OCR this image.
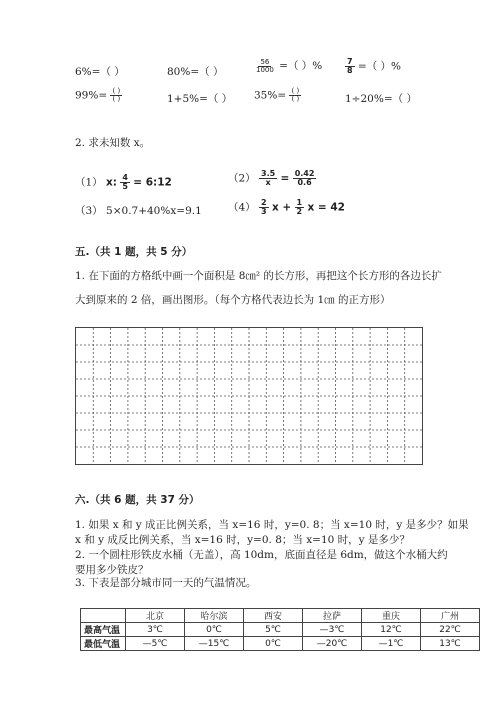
6%=（ ）	80%=（ ）	$\frac{56}{1000}$ =（ ）%	$\frac{7}{8}$ =（ ）%
$99\%= \frac{( )}{( )}$	1+5%=（ ） $35\%= \frac{( )}{( )}$	1÷20%=（ ）
2. 求未知数 x。
（1） x: $\frac{4}{5}$ = 6:12	$(2) \frac{3.5}{x} = \frac{0.42}{0.6}$
（3） 5×0.7+40%x=9.1 $(4) \frac{2}{3}$ $x + \frac{1}{2}$ x = 42
五.（共 1 题，共 5 分）
1. 在下面的方格纸中画一个面积是 8㎝² 的长方形，再把这个长方形的各边长扩
大到原来的 2 倍，画出图形。（每个方格代表边长为 1㎝ 的正方形）
六.（共 6 题，共 37 分）
1. 如果 x 和 y 成正比例关系，当 x=16 时，y=0. 8；当 x=10 时，y 是多少？如果
x 和 y 成反比例关系，当 x=16 时，y=0. 8；当 x=10 时，y 是多少？
2. 一个圆柱形铁皮水桶（无盖），高 10dm，底面直径是 6dm，做这个水桶大约
要用多少铁皮？
3. 下表是部分城市同一天的气温情况。
	北京	哈尔滨	西安	拉萨	重庆	广州
最高气温	3℃	0℃	5℃	—3℃	12℃	22℃
最低气温	—5℃	—15℃	0℃	—20℃	—1℃	13℃
